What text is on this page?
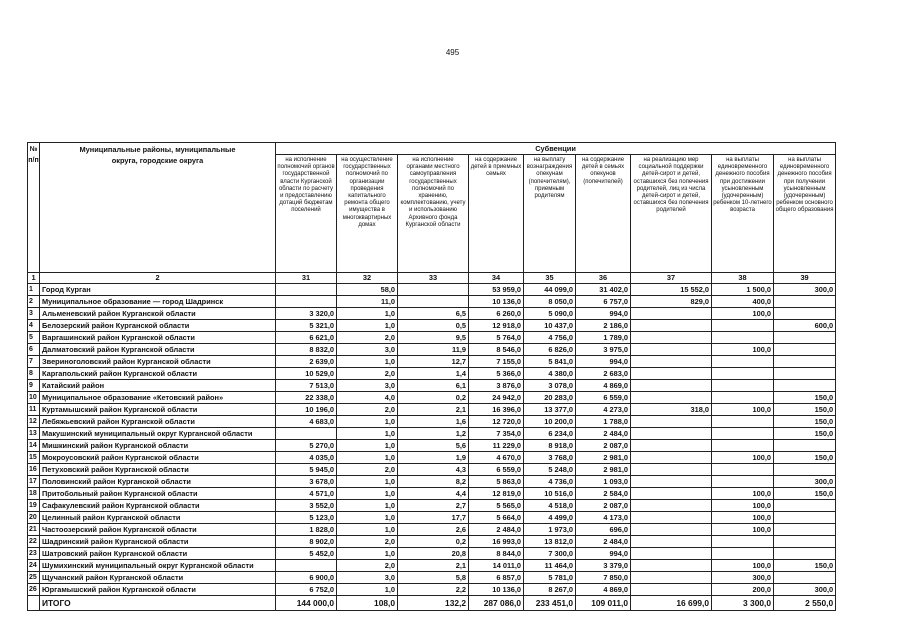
495
№ п/п	Муниципальные районы, муниципальные округа, городские округа	Субвенции								
		на исполнение полномочий органов государственной власти Курганской области по расчету и предоставлению дотаций бюджетам поселений	на осуществление государственных полномочий по организации проведения капитального ремонта общего имущества в многоквартирных домах	на исполнение органами местного самоуправления государственных полномочий по хранению, комплектованию, учету и использованию Архивного фонда Курганской области	на содержание детей в приемных семьях	на выплату вознаграждения опекунам (попечителям), приемным родителям	на содержание детей в семьях опекунов (попечителей)	на реализацию мер социальной поддержки детей-сирот и детей, оставшихся без попечения родителей, лиц из числа детей-сирот и детей, оставшихся без попечения родителей	на выплаты единовременного денежного пособия при достижении усыновленным (удочеренным) ребенком 10-летнего возраста	на выплаты единовременного денежного пособия при получении усыновленным (удочеренным) ребенком основного общего образования
1	2	31	32	33	34	35	36	37	38	39
1	Город Курган		58,0		53 959,0	44 099,0	31 402,0	15 552,0	1 500,0	300,0
2	Муниципальное образование — город Шадринск		11,0		10 136,0	8 050,0	6 757,0	829,0	400,0	
3	Альменевский район Курганской области	3 320,0	1,0	6,5	6 260,0	5 090,0	994,0		100,0	
4	Белозерский район Курганской области	5 321,0	1,0	0,5	12 918,0	10 437,0	2 186,0			600,0
5	Варгашинский район Курганской области	6 621,0	2,0	9,5	5 764,0	4 756,0	1 789,0			
6	Далматовский район Курганской области	8 832,0	3,0	11,9	8 546,0	6 826,0	3 975,0		100,0	
7	Звериноголовский район Курганской области	2 639,0	1,0	12,7	7 155,0	5 841,0	994,0			
8	Каргапольский район Курганской области	10 529,0	2,0	1,4	5 366,0	4 380,0	2 683,0			
9	Катайский район	7 513,0	3,0	6,1	3 876,0	3 078,0	4 869,0			
10	Муниципальное образование «Кетовский район»	22 338,0	4,0	0,2	24 942,0	20 283,0	6 559,0			150,0
11	Куртамышский район Курганской области	10 196,0	2,0	2,1	16 396,0	13 377,0	4 273,0	318,0	100,0	150,0
12	Лебяжьевский район Курганской области	4 683,0	1,0	1,6	12 720,0	10 200,0	1 788,0			150,0
13	Макушинский муниципальный округ Курганской области		1,0	1,2	7 354,0	6 234,0	2 484,0			150,0
14	Мишкинский район Курганской области	5 270,0	1,0	5,6	11 229,0	8 918,0	2 087,0			
15	Мокроусовский район Курганской области	4 035,0	1,0	1,9	4 670,0	3 768,0	2 981,0		100,0	150,0
16	Петуховский район Курганской области	5 945,0	2,0	4,3	6 559,0	5 248,0	2 981,0			
17	Половинский район Курганской области	3 678,0	1,0	8,2	5 863,0	4 736,0	1 093,0			300,0
18	Притобольный район Курганской области	4 571,0	1,0	4,4	12 819,0	10 516,0	2 584,0		100,0	150,0
19	Сафакулевский район Курганской области	3 552,0	1,0	2,7	5 565,0	4 518,0	2 087,0		100,0	
20	Целинный район Курганской области	5 123,0	1,0	17,7	5 664,0	4 499,0	4 173,0		100,0	
21	Частоозерский район Курганской области	1 828,0	1,0	2,6	2 484,0	1 973,0	696,0		100,0	
22	Шадринский район Курганской области	8 902,0	2,0	0,2	16 993,0	13 812,0	2 484,0			
23	Шатровский район Курганской области	5 452,0	1,0	20,8	8 844,0	7 300,0	994,0			
24	Шумихинский муниципальный округ Курганской области		2,0	2,1	14 011,0	11 464,0	3 379,0		100,0	150,0
25	Щучанский район Курганской области	6 900,0	3,0	5,8	6 857,0	5 781,0	7 850,0		300,0	
26	Юргамышский район Курганской области	6 752,0	1,0	2,2	10 136,0	8 267,0	4 869,0		200,0	300,0
	ИТОГО	144 000,0	108,0	132,2	287 086,0	233 451,0	109 011,0	16 699,0	3 300,0	2 550,0
